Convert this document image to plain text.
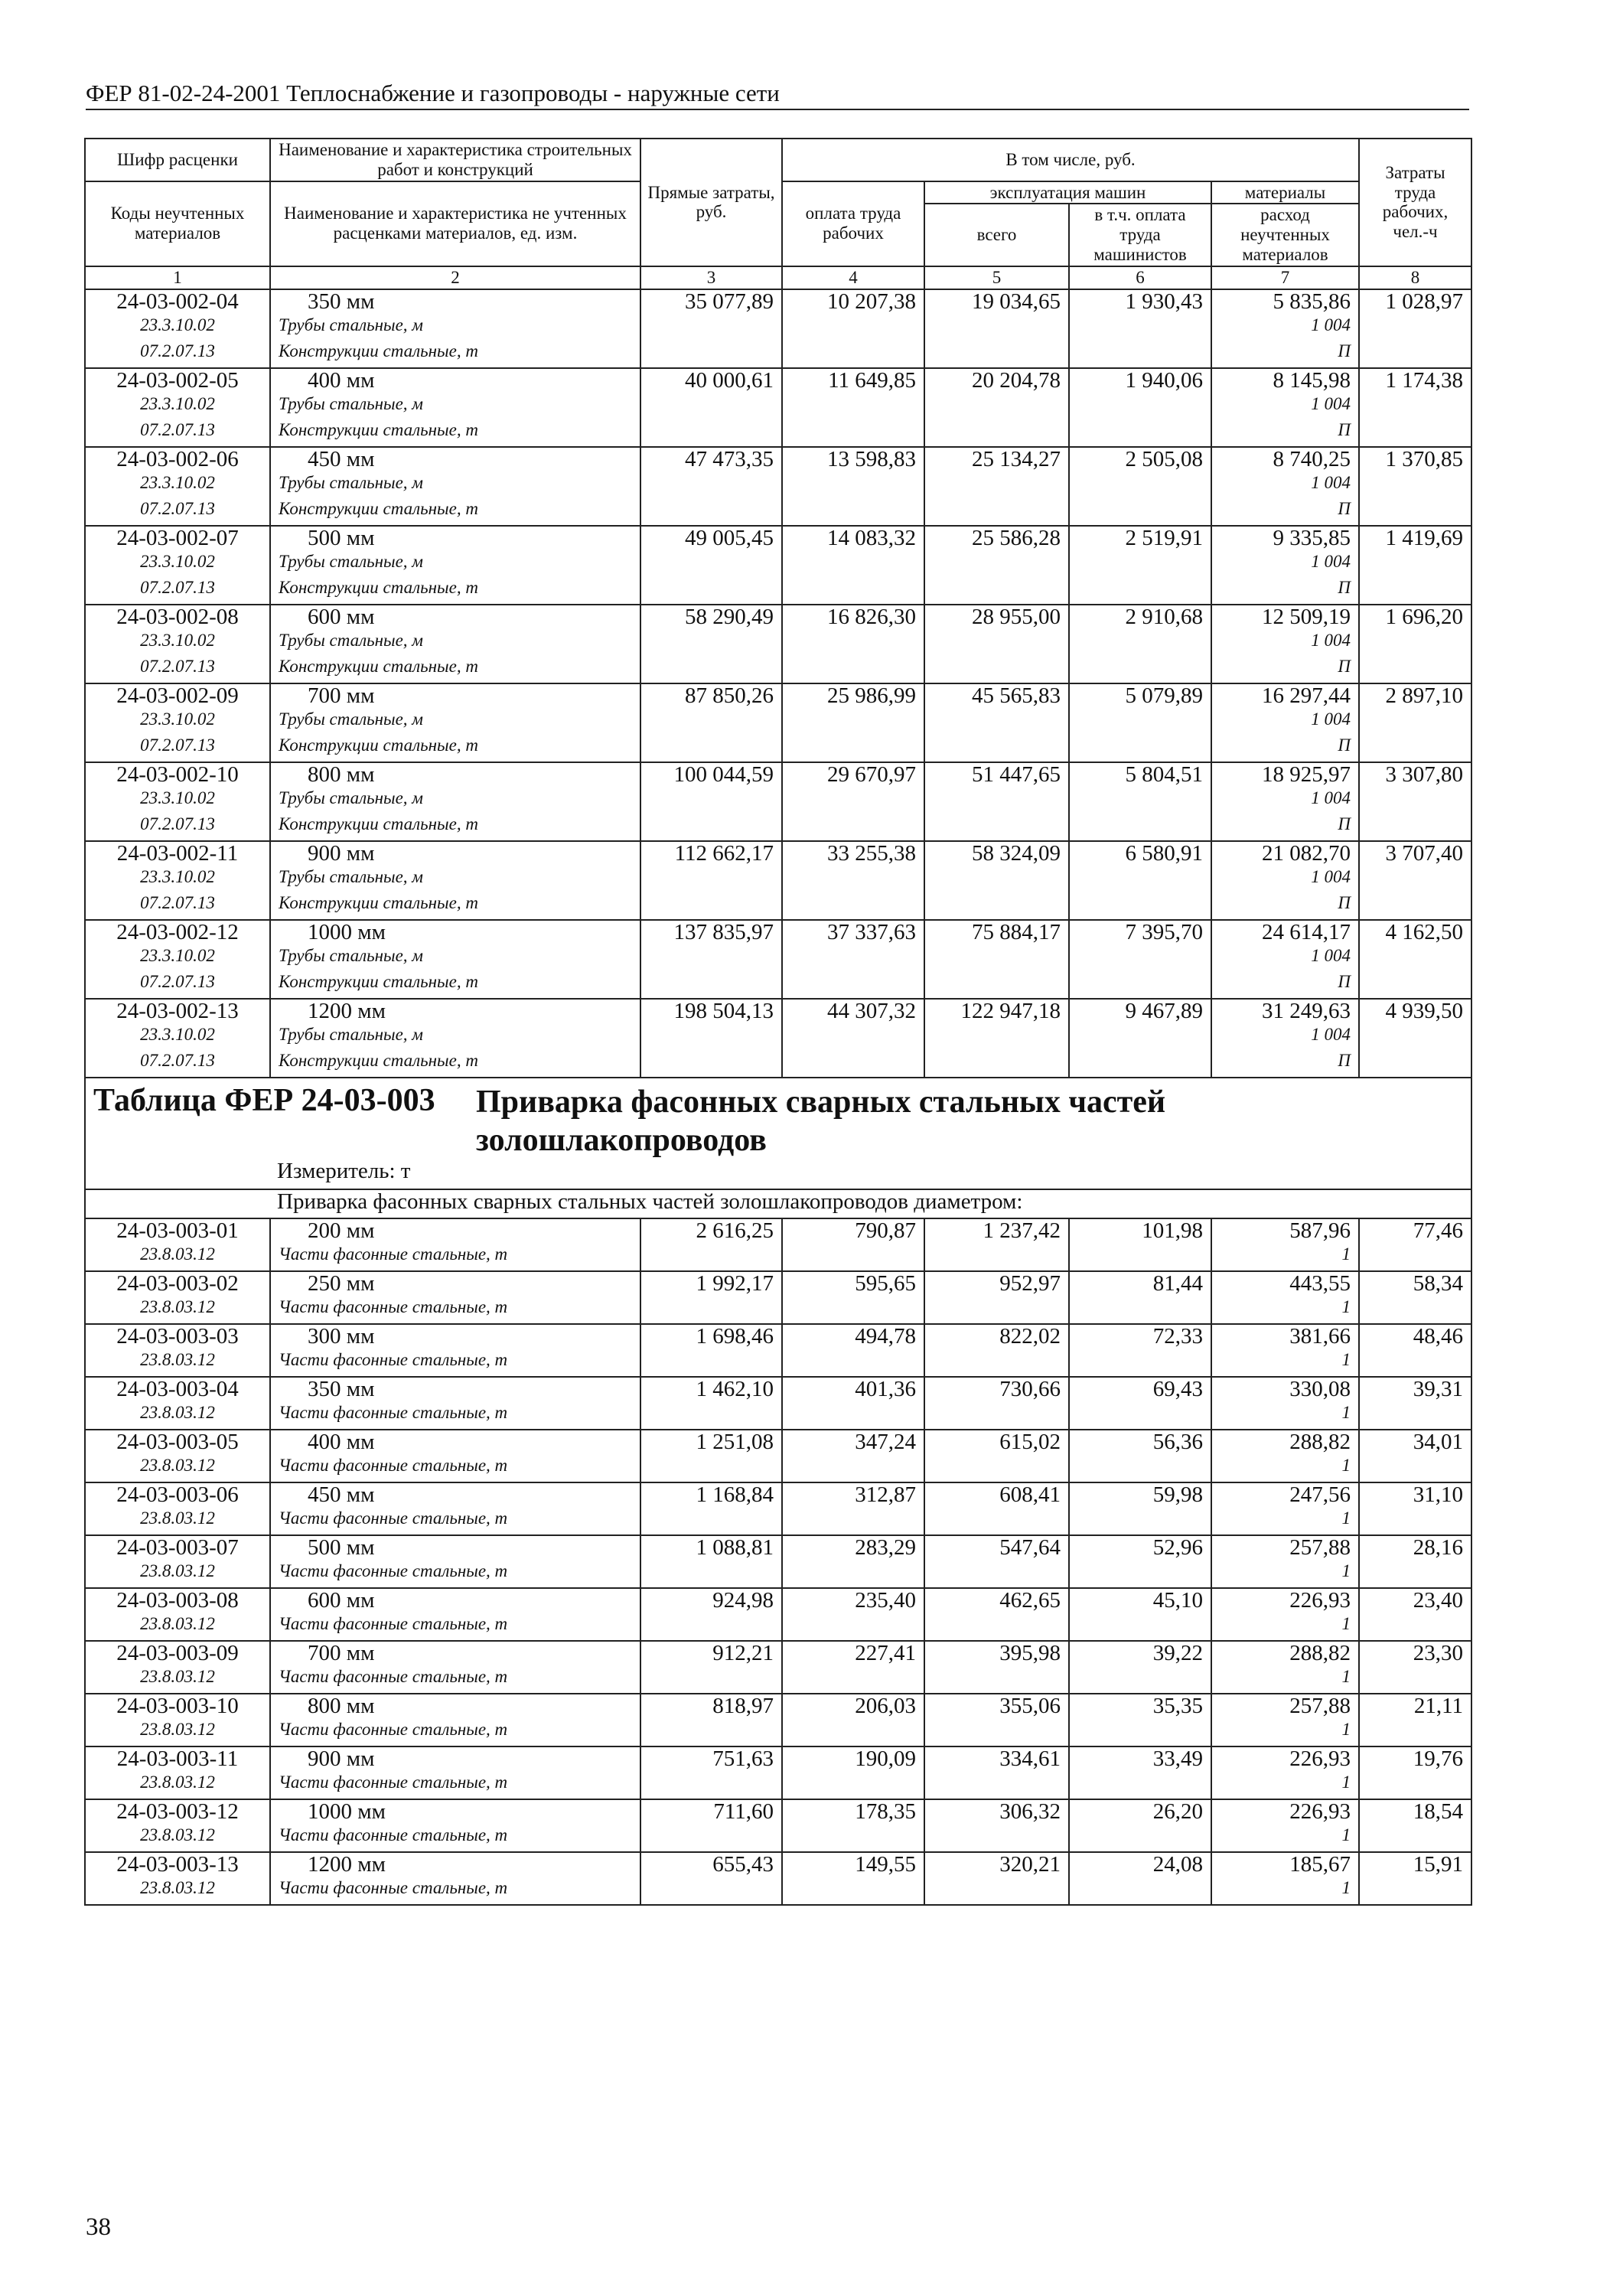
ФЕР 81-02-24-2001 Теплоснабжение и газопроводы - наружные сети
Шифр расценки	Наименование и характеристика строительных работ и конструкций	Прямые затраты, руб.	В том числе, руб.				Затраты труда рабочих, чел.-ч
Коды неучтенных материалов	Наименование и характеристика не учтенных расценками материалов, ед. изм.		оплата труда рабочих	эксплуатация машин		материалы	
				всего	в т.ч. оплата труда машинистов	расход неучтенных материалов	

1	2	3	4	5	6	7	8
24-03-002-04	350 мм	35 077,89	10 207,38	19 034,65	1 930,43	5 835,86	1 028,97
23.3.10.02	Трубы стальные, м					1 004	
07.2.07.13	Конструкции стальные, т					П	
24-03-002-05	400 мм	40 000,61	11 649,85	20 204,78	1 940,06	8 145,98	1 174,38
23.3.10.02	Трубы стальные, м					1 004	
07.2.07.13	Конструкции стальные, т					П	
24-03-002-06	450 мм	47 473,35	13 598,83	25 134,27	2 505,08	8 740,25	1 370,85
23.3.10.02	Трубы стальные, м					1 004	
07.2.07.13	Конструкции стальные, т					П	
24-03-002-07	500 мм	49 005,45	14 083,32	25 586,28	2 519,91	9 335,85	1 419,69
23.3.10.02	Трубы стальные, м					1 004	
07.2.07.13	Конструкции стальные, т					П	
24-03-002-08	600 мм	58 290,49	16 826,30	28 955,00	2 910,68	12 509,19	1 696,20
23.3.10.02	Трубы стальные, м					1 004	
07.2.07.13	Конструкции стальные, т					П	
24-03-002-09	700 мм	87 850,26	25 986,99	45 565,83	5 079,89	16 297,44	2 897,10
23.3.10.02	Трубы стальные, м					1 004	
07.2.07.13	Конструкции стальные, т					П	
24-03-002-10	800 мм	100 044,59	29 670,97	51 447,65	5 804,51	18 925,97	3 307,80
23.3.10.02	Трубы стальные, м					1 004	
07.2.07.13	Конструкции стальные, т					П	
24-03-002-11	900 мм	112 662,17	33 255,38	58 324,09	6 580,91	21 082,70	3 707,40
23.3.10.02	Трубы стальные, м					1 004	
07.2.07.13	Конструкции стальные, т					П	
24-03-002-12	1000 мм	137 835,97	37 337,63	75 884,17	7 395,70	24 614,17	4 162,50
23.3.10.02	Трубы стальные, м					1 004	
07.2.07.13	Конструкции стальные, т					П	
24-03-002-13	1200 мм	198 504,13	44 307,32	122 947,18	9 467,89	31 249,63	4 939,50
23.3.10.02	Трубы стальные, м					1 004	
07.2.07.13	Конструкции стальные, т					П	
Таблица ФЕР 24-03-003 Приварка фасонных сварных стальных частей золошлакопроводов							
Измеритель: т							
Приварка фасонных сварных стальных частей золошлакопроводов диаметром:							
24-03-003-01	200 мм	2 616,25	790,87	1 237,42	101,98	587,96	77,46
23.8.03.12	Части фасонные стальные, т					1	
24-03-003-02	250 мм	1 992,17	595,65	952,97	81,44	443,55	58,34
23.8.03.12	Части фасонные стальные, т					1	
24-03-003-03	300 мм	1 698,46	494,78	822,02	72,33	381,66	48,46
23.8.03.12	Части фасонные стальные, т					1	
24-03-003-04	350 мм	1 462,10	401,36	730,66	69,43	330,08	39,31
23.8.03.12	Части фасонные стальные, т					1	
24-03-003-05	400 мм	1 251,08	347,24	615,02	56,36	288,82	34,01
23.8.03.12	Части фасонные стальные, т					1	
24-03-003-06	450 мм	1 168,84	312,87	608,41	59,98	247,56	31,10
23.8.03.12	Части фасонные стальные, т					1	
24-03-003-07	500 мм	1 088,81	283,29	547,64	52,96	257,88	28,16
23.8.03.12	Части фасонные стальные, т					1	
24-03-003-08	600 мм	924,98	235,40	462,65	45,10	226,93	23,40
23.8.03.12	Части фасонные стальные, т					1	
24-03-003-09	700 мм	912,21	227,41	395,98	39,22	288,82	23,30
23.8.03.12	Части фасонные стальные, т					1	
24-03-003-10	800 мм	818,97	206,03	355,06	35,35	257,88	21,11
23.8.03.12	Части фасонные стальные, т					1	
24-03-003-11	900 мм	751,63	190,09	334,61	33,49	226,93	19,76
23.8.03.12	Части фасонные стальные, т					1	
24-03-003-12	1000 мм	711,60	178,35	306,32	26,20	226,93	18,54
23.8.03.12	Части фасонные стальные, т					1	
24-03-003-13	1200 мм	655,43	149,55	320,21	24,08	185,67	15,91
23.8.03.12	Части фасонные стальные, т					1	
38
